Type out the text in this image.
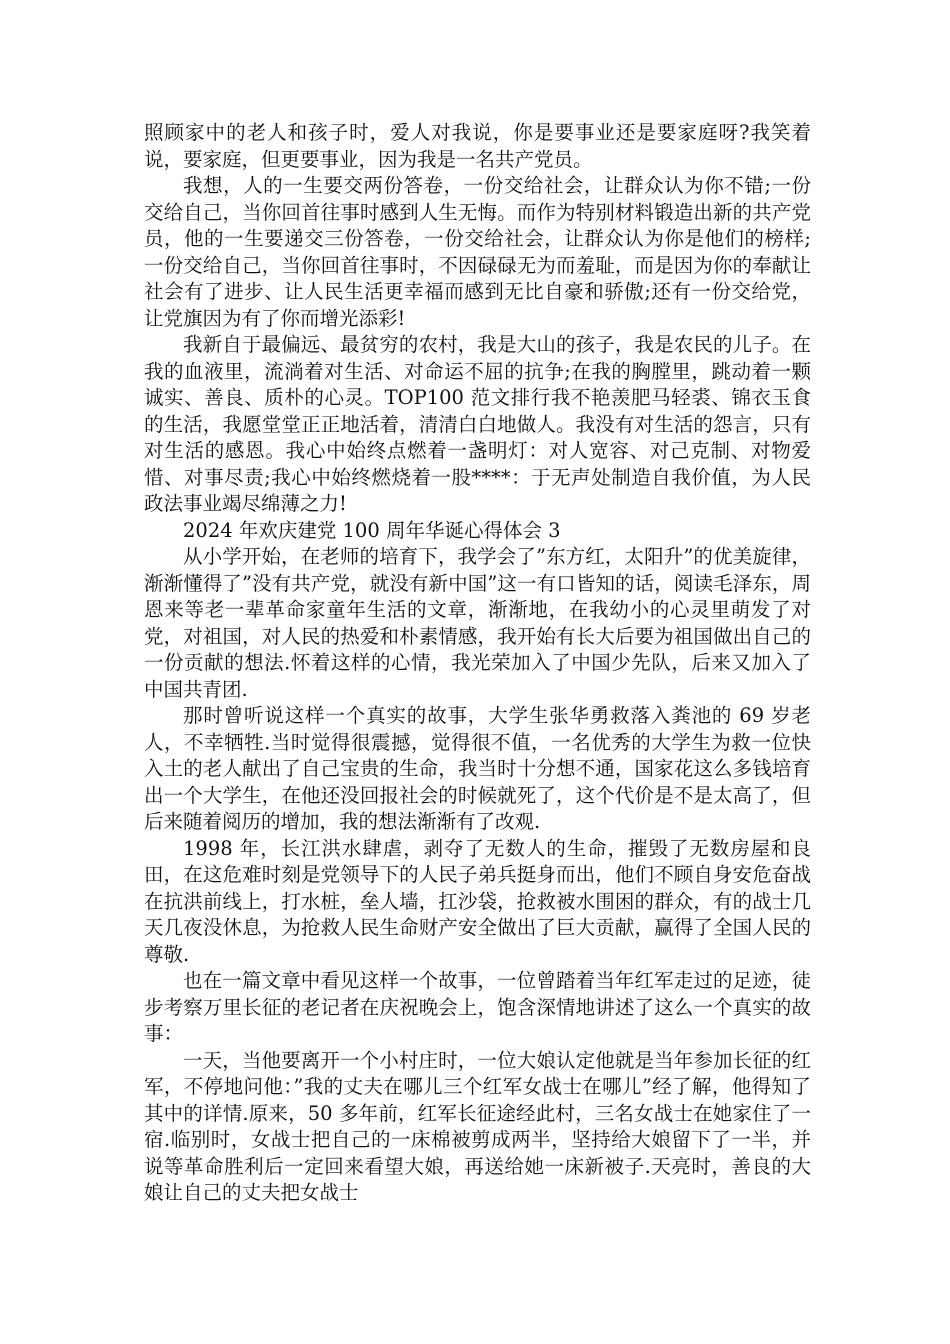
照顾家中的老人和孩子时，爱人对我说，你是要事业还是要家庭呀?我笑着说，要家庭，但更要事业，因为我是一名共产党员。

我想，人的一生要交两份答卷，一份交给社会，让群众认为你不错;一份交给自己，当你回首往事时感到人生无悔。而作为特别材料锻造出新的共产党员，他的一生要递交三份答卷，一份交给社会，让群众认为你是他们的榜样;一份交给自己，当你回首往事时，不因碌碌无为而羞耻，而是因为你的奉献让社会有了进步、让人民生活更幸福而感到无比自豪和骄傲;还有一份交给党，让党旗因为有了你而增光添彩!

我新自于最偏远、最贫穷的农村，我是大山的孩子，我是农民的儿子。在我的血液里，流淌着对生活、对命运不屈的抗争;在我的胸膛里，跳动着一颗诚实、善良、质朴的心灵。TOP100 范文排行我不艳羡肥马轻裘、锦衣玉食的生活，我愿堂堂正正地活着，清清白白地做人。我没有对生活的怨言，只有对生活的感恩。我心中始终点燃着一盏明灯：对人宽容、对己克制、对物爱惜、对事尽责;我心中始终燃烧着一股****：于无声处制造自我价值，为人民政法事业竭尽绵薄之力!

2024 年欢庆建党 100 周年华诞心得体会 3

从小学开始，在老师的培育下，我学会了”东方红，太阳升”的优美旋律，渐渐懂得了”没有共产党，就没有新中国”这一有口皆知的话，阅读毛泽东，周恩来等老一辈革命家童年生活的文章，渐渐地，在我幼小的心灵里萌发了对党，对祖国，对人民的热爱和朴素情感，我开始有长大后要为祖国做出自己的一份贡献的想法.怀着这样的心情，我光荣加入了中国少先队，后来又加入了中国共青团.

那时曾听说这样一个真实的故事，大学生张华勇救落入粪池的 69 岁老人，不幸牺牲.当时觉得很震撼，觉得很不值，一名优秀的大学生为救一位快入土的老人献出了自己宝贵的生命，我当时十分想不通，国家花这么多钱培育出一个大学生，在他还没回报社会的时候就死了，这个代价是不是太高了，但后来随着阅历的增加，我的想法渐渐有了改观.

1998 年，长江洪水肆虐，剥夺了无数人的生命，摧毁了无数房屋和良田，在这危难时刻是党领导下的人民子弟兵挺身而出，他们不顾自身安危奋战在抗洪前线上，打水桩，垒人墙，扛沙袋，抢救被水围困的群众，有的战士几天几夜没休息，为抢救人民生命财产安全做出了巨大贡献，赢得了全国人民的尊敬.

也在一篇文章中看见这样一个故事，一位曾踏着当年红军走过的足迹，徒步考察万里长征的老记者在庆祝晚会上，饱含深情地讲述了这么一个真实的故事：

一天，当他要离开一个小村庄时，一位大娘认定他就是当年参加长征的红军，不停地问他：”我的丈夫在哪儿三个红军女战士在哪儿”经了解，他得知了其中的详情.原来，50 多年前，红军长征途经此村，三名女战士在她家住了一宿.临别时，女战士把自己的一床棉被剪成两半，坚持给大娘留下了一半，并说等革命胜利后一定回来看望大娘，再送给她一床新被子.天亮时，善良的大娘让自己的丈夫把女战士
